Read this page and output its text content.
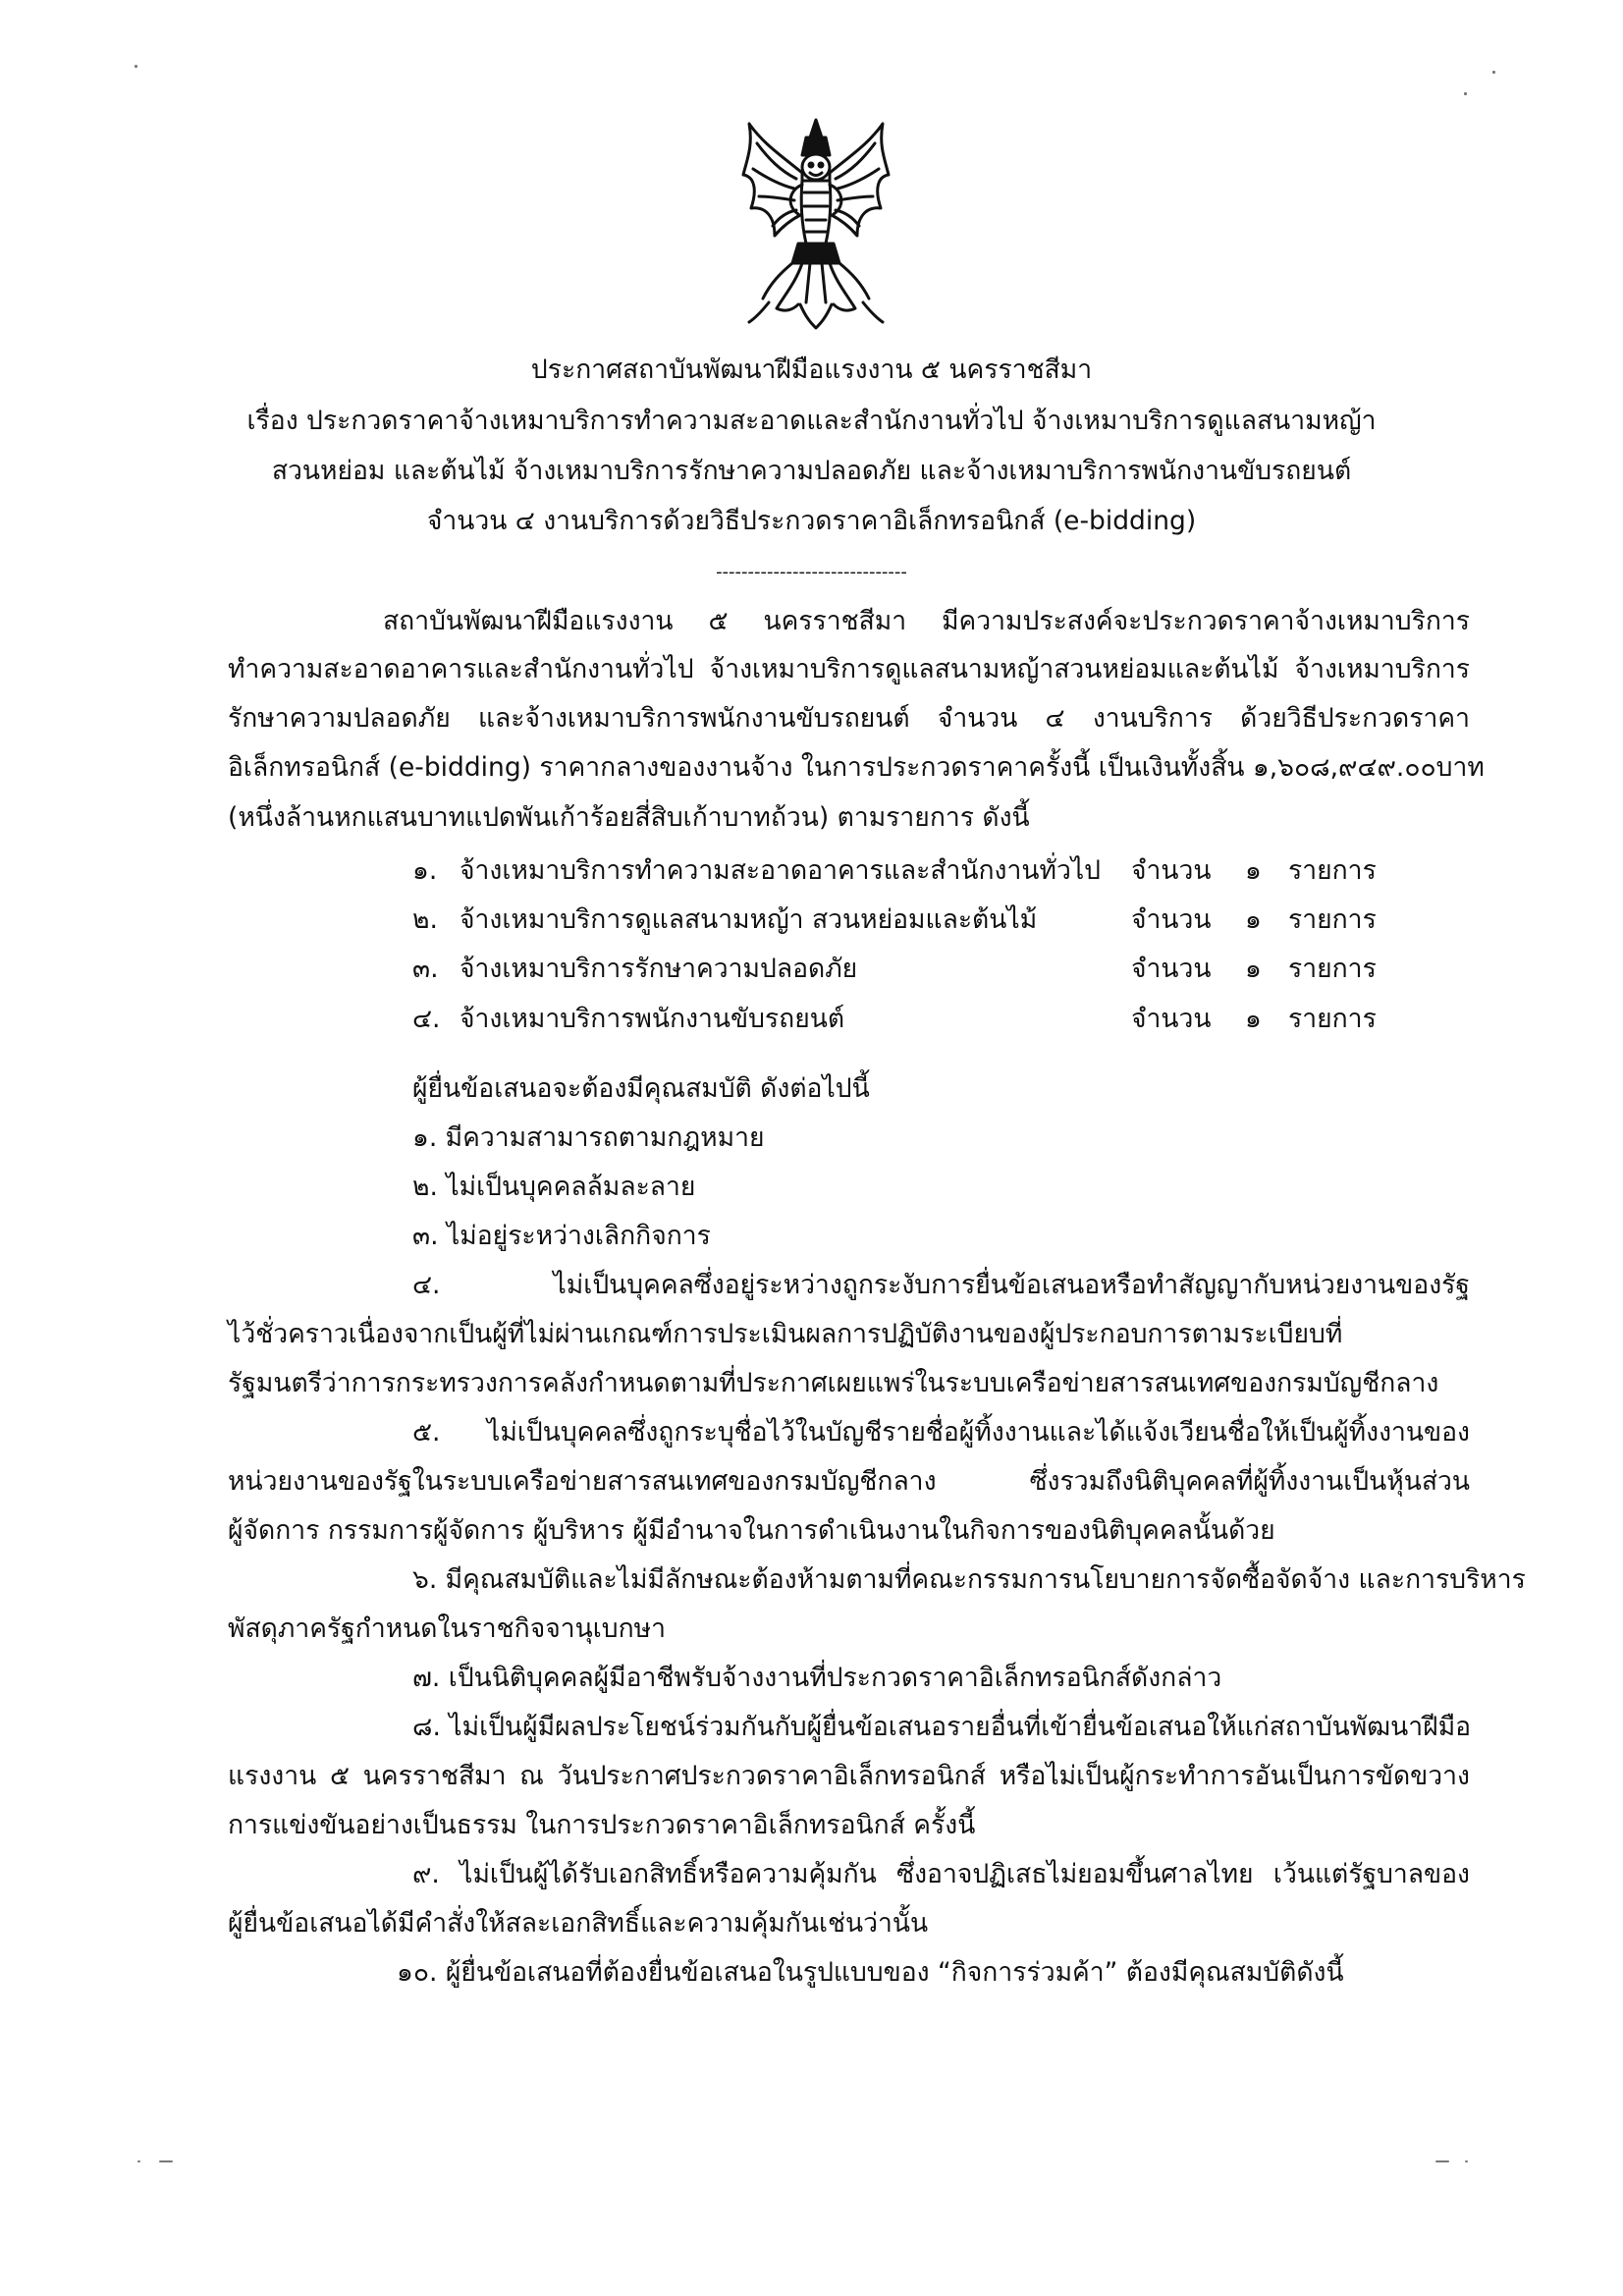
ประกาศสถาบันพัฒนาฝีมือแรงงาน ๕ นครราชสีมา
เรื่อง ประกวดราคาจ้างเหมาบริการทำความสะอาดและสำนักงานทั่วไป จ้างเหมาบริการดูแลสนามหญ้า
สวนหย่อม และต้นไม้ จ้างเหมาบริการรักษาความปลอดภัย และจ้างเหมาบริการพนักงานขับรถยนต์
จำนวน ๔ งานบริการด้วยวิธีประกวดราคาอิเล็กทรอนิกส์ (e-bidding)
------------------------------
สถาบันพัฒนาฝีมือแรงงาน ๕ นครราชสีมา มีความประสงค์จะประกวดราคาจ้างเหมาบริการ
ทำความสะอาดอาคารและสำนักงานทั่วไป จ้างเหมาบริการดูแลสนามหญ้าสวนหย่อมและต้นไม้ จ้างเหมาบริการ
รักษาความปลอดภัย และจ้างเหมาบริการพนักงานขับรถยนต์ จำนวน ๔ งานบริการ ด้วยวิธีประกวดราคา
อิเล็กทรอนิกส์ (e-bidding) ราคากลางของงานจ้าง ในการประกวดราคาครั้งนี้ เป็นเงินทั้งสิ้น ๑,๖๐๘,๙๔๙.๐๐บาท
(หนึ่งล้านหกแสนบาทแปดพันเก้าร้อยสี่สิบเก้าบาทถ้วน) ตามรายการ ดังนี้
๑. จ้างเหมาบริการทำความสะอาดอาคารและสำนักงานทั่วไป จำนวน ๑ รายการ
๒. จ้างเหมาบริการดูแลสนามหญ้า สวนหย่อมและต้นไม้	จำนวน ๑ รายการ
๓. จ้างเหมาบริการรักษาความปลอดภัย	จำนวน ๑ รายการ
๔. จ้างเหมาบริการพนักงานขับรถยนต์	จำนวน ๑ รายการ
ผู้ยื่นข้อเสนอจะต้องมีคุณสมบัติ ดังต่อไปนี้
๑. มีความสามารถตามกฎหมาย
๒. ไม่เป็นบุคคลล้มละลาย
๓. ไม่อยู่ระหว่างเลิกกิจการ
๔. ไม่เป็นบุคคลซึ่งอยู่ระหว่างถูกระงับการยื่นข้อเสนอหรือทำสัญญากับหน่วยงานของรัฐ
ไว้ชั่วคราวเนื่องจากเป็นผู้ที่ไม่ผ่านเกณฑ์การประเมินผลการปฏิบัติงานของผู้ประกอบการตามระเบียบที่
รัฐมนตรีว่าการกระทรวงการคลังกำหนดตามที่ประกาศเผยแพร่ในระบบเครือข่ายสารสนเทศของกรมบัญชีกลาง
๕. ไม่เป็นบุคคลซึ่งถูกระบุชื่อไว้ในบัญชีรายชื่อผู้ทิ้งงานและได้แจ้งเวียนชื่อให้เป็นผู้ทิ้งงานของ
หน่วยงานของรัฐในระบบเครือข่ายสารสนเทศของกรมบัญชีกลาง ซึ่งรวมถึงนิติบุคคลที่ผู้ทิ้งงานเป็นหุ้นส่วน
ผู้จัดการ กรรมการผู้จัดการ ผู้บริหาร ผู้มีอำนาจในการดำเนินงานในกิจการของนิติบุคคลนั้นด้วย
๖. มีคุณสมบัติและไม่มีลักษณะต้องห้ามตามที่คณะกรรมการนโยบายการจัดซื้อจัดจ้าง และการบริหาร
พัสดุภาครัฐกำหนดในราชกิจจานุเบกษา
๗. เป็นนิติบุคคลผู้มีอาชีพรับจ้างงานที่ประกวดราคาอิเล็กทรอนิกส์ดังกล่าว
๘. ไม่เป็นผู้มีผลประโยชน์ร่วมกันกับผู้ยื่นข้อเสนอรายอื่นที่เข้ายื่นข้อเสนอให้แก่สถาบันพัฒนาฝีมือ
แรงงาน ๕ นครราชสีมา ณ วันประกาศประกวดราคาอิเล็กทรอนิกส์ หรือไม่เป็นผู้กระทำการอันเป็นการขัดขวาง
การแข่งขันอย่างเป็นธรรม ในการประกวดราคาอิเล็กทรอนิกส์ ครั้งนี้
๙. ไม่เป็นผู้ได้รับเอกสิทธิ์หรือความคุ้มกัน ซึ่งอาจปฏิเสธไม่ยอมขึ้นศาลไทย เว้นแต่รัฐบาลของ
ผู้ยื่นข้อเสนอได้มีคำสั่งให้สละเอกสิทธิ์และความคุ้มกันเช่นว่านั้น
๑๐. ผู้ยื่นข้อเสนอที่ต้องยื่นข้อเสนอในรูปแบบของ “กิจการร่วมค้า” ต้องมีคุณสมบัติดังนี้
